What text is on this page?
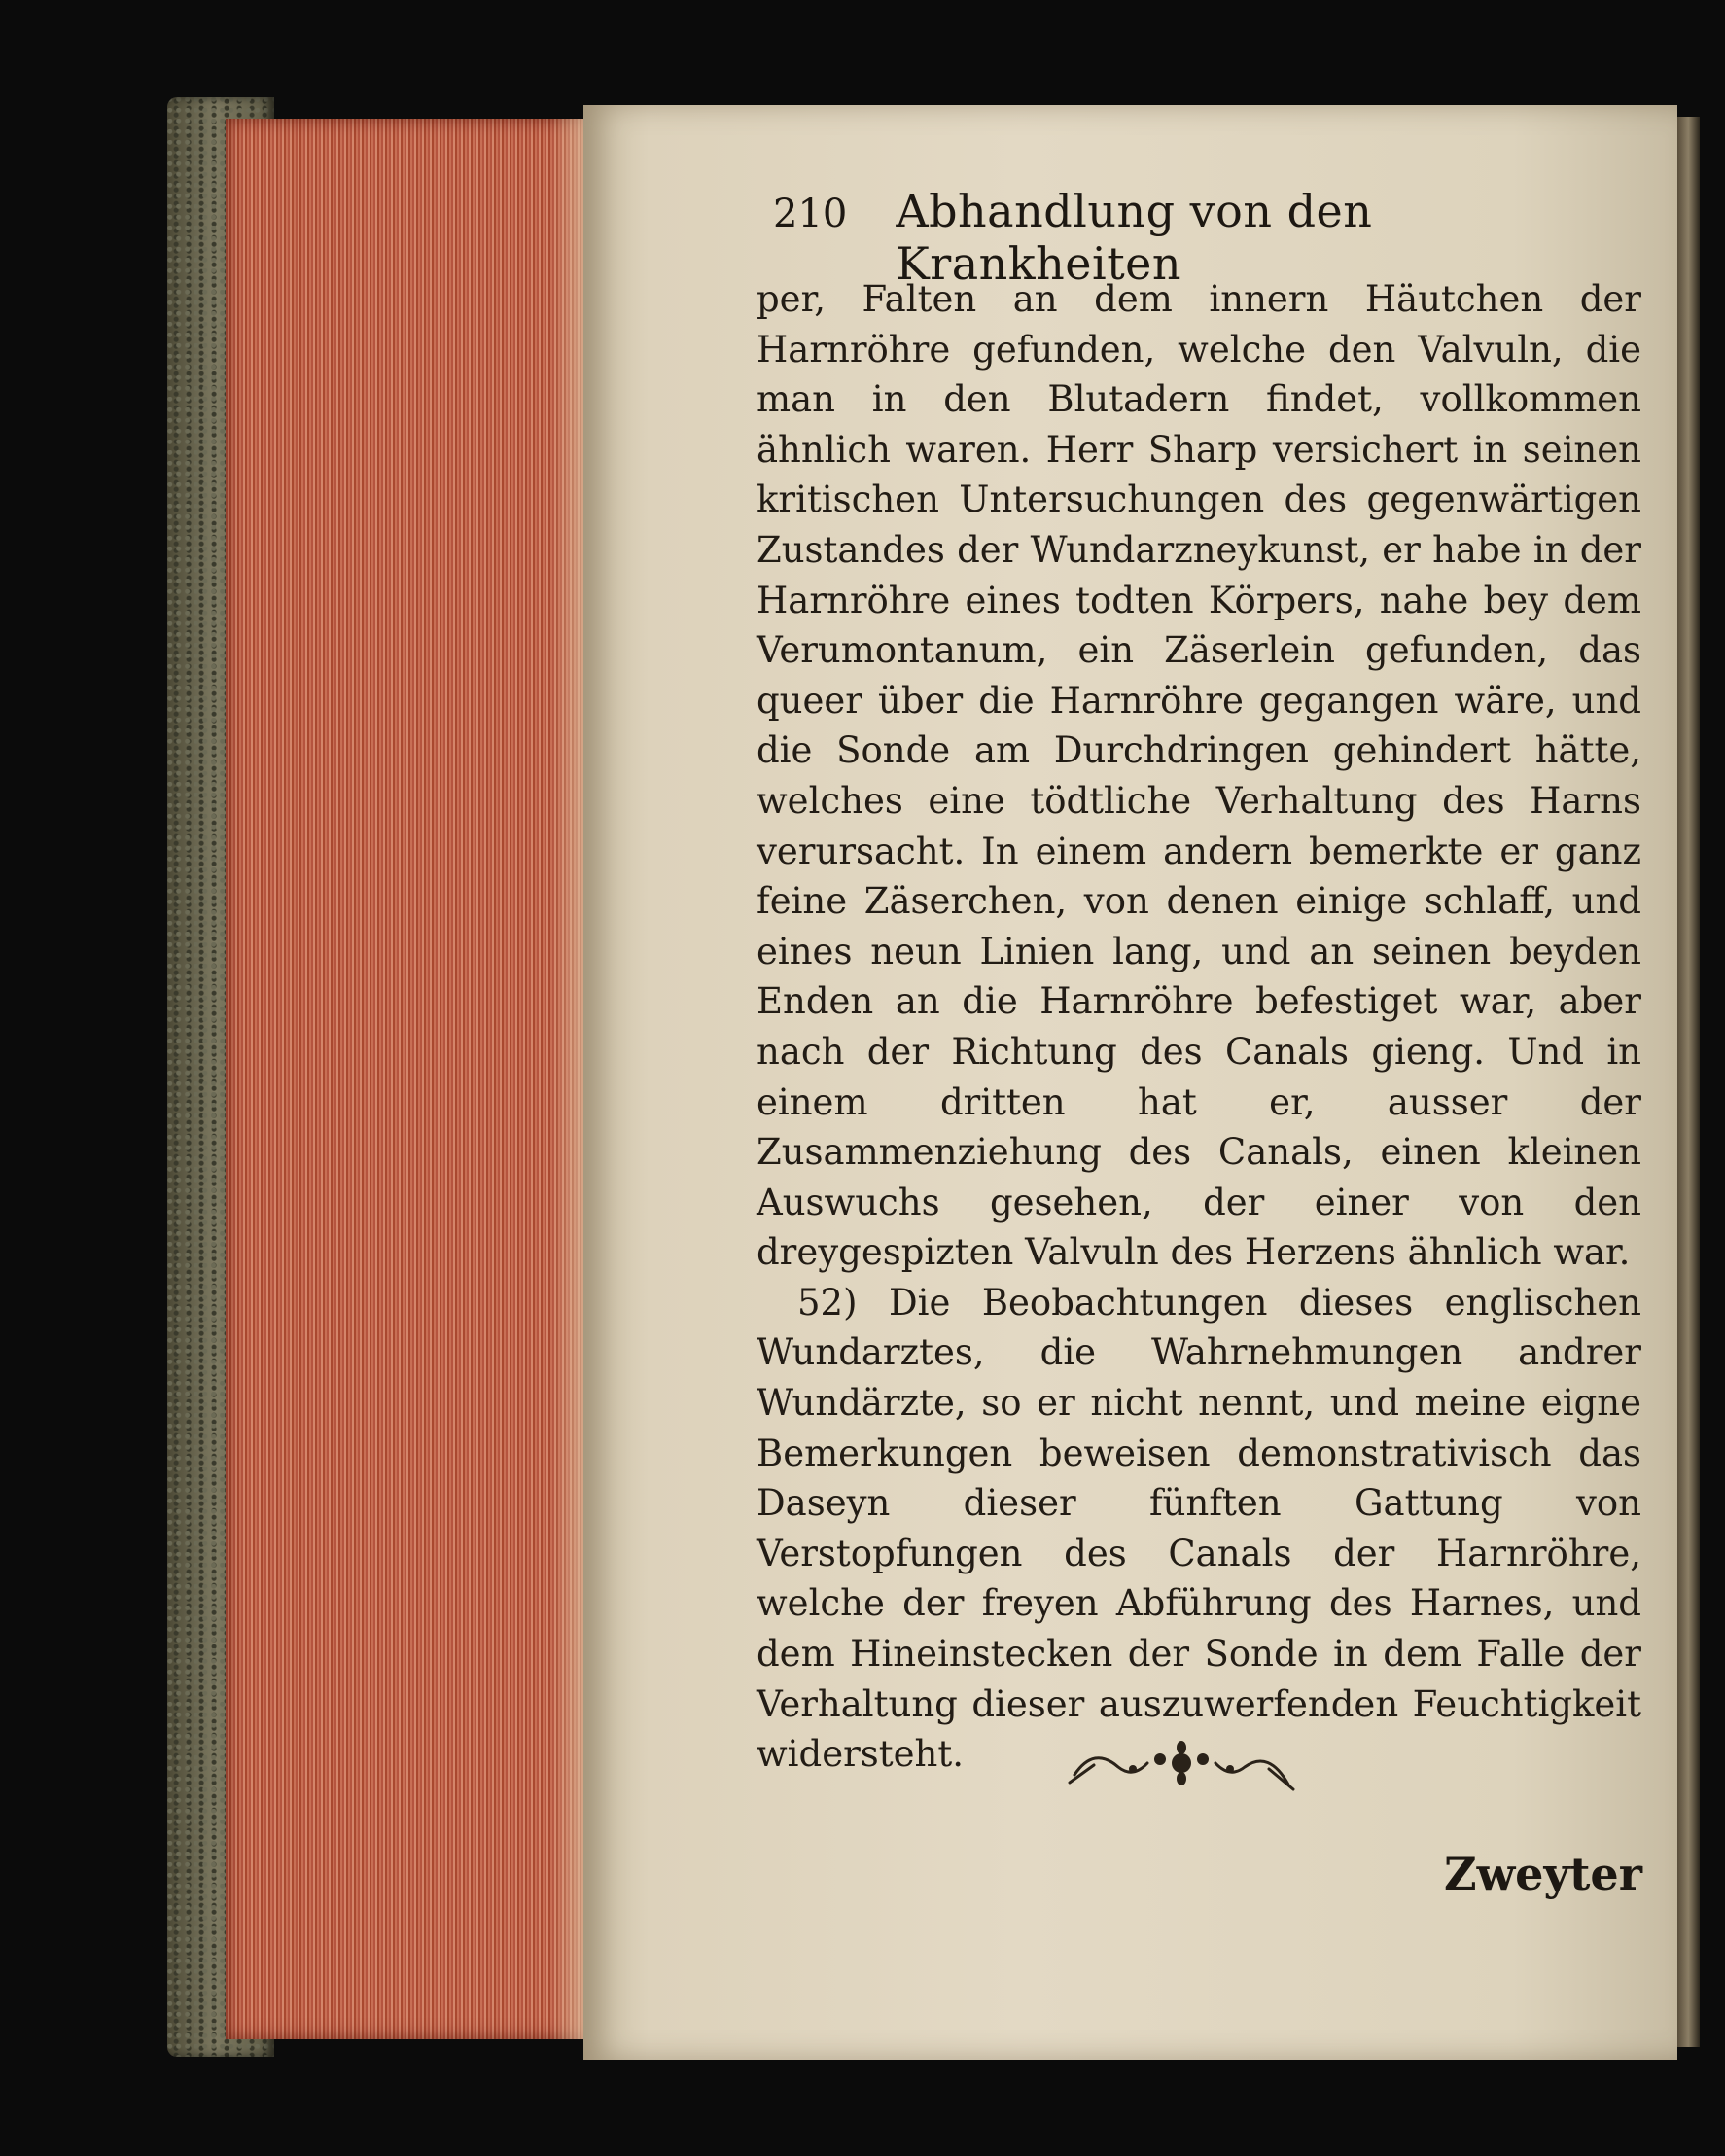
210 Abhandlung von den Krankheiten

per, Falten an dem innern Häutchen der Harnröhre gefunden, welche den Valvuln, die man in den Blutadern findet, vollkommen ähnlich waren. Herr Sharp versichert in seinen kritischen Untersuchungen des gegenwärtigen Zustandes der Wundarzneykunst, er habe in der Harnröhre eines todten Körpers, nahe bey dem Verumontanum, ein Zäserlein gefunden, das queer über die Harnröhre gegangen wäre, und die Sonde am Durchdringen gehindert hätte, welches eine tödtliche Verhaltung des Harns verursacht. In einem andern bemerkte er ganz feine Zäserchen, von denen einige schlaff, und eines neun Linien lang, und an seinen beyden Enden an die Harnröhre befestiget war, aber nach der Richtung des Canals gieng. Und in einem dritten hat er, ausser der Zusammenziehung des Canals, einen kleinen Auswuchs gesehen, der einer von den dreygespizten Valvuln des Herzens ähnlich war.

52) Die Beobachtungen dieses englischen Wundarztes, die Wahrnehmungen andrer Wundärzte, so er nicht nennt, und meine eigne Bemerkungen beweisen demonstrativisch das Daseyn dieser fünften Gattung von Verstopfungen des Canals der Harnröhre, welche der freyen Abführung des Harnes, und dem Hineinstecken der Sonde in dem Falle der Verhaltung dieser auszuwerfenden Feuchtigkeit widersteht.

Zweyter
